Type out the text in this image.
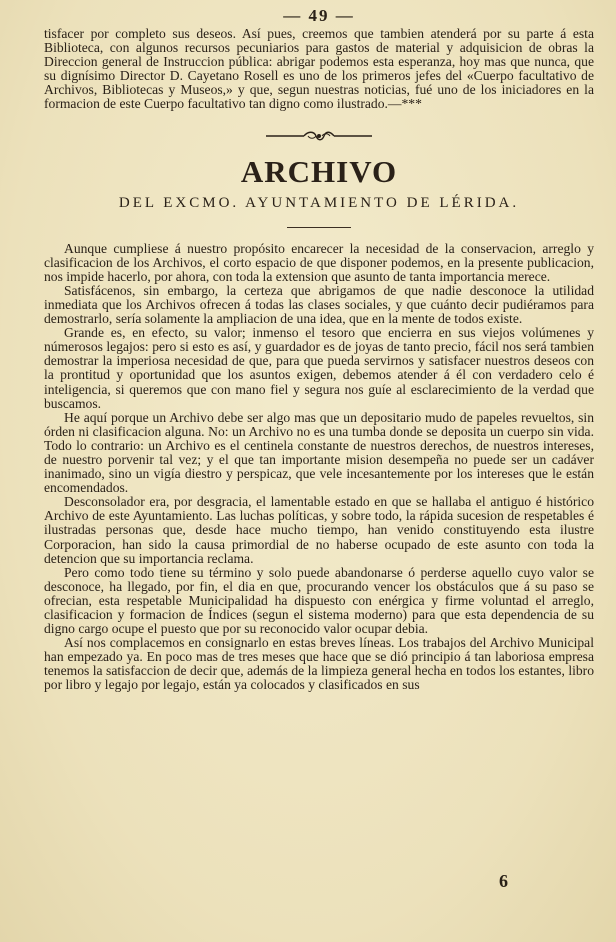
— 49 —

tisfacer por completo sus deseos. Así pues, creemos que tambien atenderá por su parte á esta Biblioteca, con algunos recursos pecuniarios para gastos de material y adquisicion de obras la Direccion general de Instruccion pública: abrigar podemos esta esperanza, hoy mas que nunca, que su dignísimo Director D. Cayetano Rosell es uno de los primeros jefes del «Cuerpo facultativo de Archivos, Bibliotecas y Museos,» y que, segun nuestras noticias, fué uno de los iniciadores en la formacion de este Cuerpo facultativo tan digno como ilustrado.—***

ARCHIVO
DEL EXCMO. AYUNTAMIENTO DE LÉRIDA.

Aunque cumpliese á nuestro propósito encarecer la necesidad de la conservacion, arreglo y clasificacion de los Archivos, el corto espacio de que disponer podemos, en la presente publicacion, nos impide hacerlo, por ahora, con toda la extension que asunto de tanta importancia merece.

Satisfácenos, sin embargo, la certeza que abrigamos de que nadie desconoce la utilidad inmediata que los Archivos ofrecen á todas las clases sociales, y que cuánto decir pudiéramos para demostrarlo, sería solamente la ampliacion de una idea, que en la mente de todos existe.

Grande es, en efecto, su valor; inmenso el tesoro que encierra en sus viejos volúmenes y númerosos legajos: pero si esto es así, y guardador es de joyas de tanto precio, fácil nos será tambien demostrar la imperiosa necesidad de que, para que pueda servirnos y satisfacer nuestros deseos con la prontitud y oportunidad que los asuntos exigen, debemos atender á él con verdadero celo é inteligencia, si queremos que con mano fiel y segura nos guíe al esclarecimiento de la verdad que buscamos.

He aquí porque un Archivo debe ser algo mas que un depositario mudo de papeles revueltos, sin órden ni clasificacion alguna. No: un Archivo no es una tumba donde se deposita un cuerpo sin vida. Todo lo contrario: un Archivo es el centinela constante de nuestros derechos, de nuestros intereses, de nuestro porvenir tal vez; y el que tan importante mision desempeña no puede ser un cadáver inanimado, sino un vigía diestro y perspicaz, que vele incesantemente por los intereses que le están encomendados.

Desconsolador era, por desgracia, el lamentable estado en que se hallaba el antiguo é histórico Archivo de este Ayuntamiento. Las luchas políticas, y sobre todo, la rápida sucesion de respetables é ilustradas personas que, desde hace mucho tiempo, han venido constituyendo esta ilustre Corporacion, han sido la causa primordial de no haberse ocupado de este asunto con toda la detencion que su importancia reclama.

Pero como todo tiene su término y solo puede abandonarse ó perderse aquello cuyo valor se desconoce, ha llegado, por fin, el dia en que, procurando vencer los obstáculos que á su paso se ofrecian, esta respetable Municipalidad ha dispuesto con enérgica y firme voluntad el arreglo, clasificacion y formacion de Índices (segun el sistema moderno) para que esta dependencia de su digno cargo ocupe el puesto que por su reconocido valor ocupar debia.

Así nos complacemos en consignarlo en estas breves líneas. Los trabajos del Archivo Municipal han empezado ya. En poco mas de tres meses que hace que se dió principio á tan laboriosa empresa tenemos la satisfaccion de decir que, además de la limpieza general hecha en todos los estantes, libro por libro y legajo por legajo, están ya colocados y clasificados en sus

6
